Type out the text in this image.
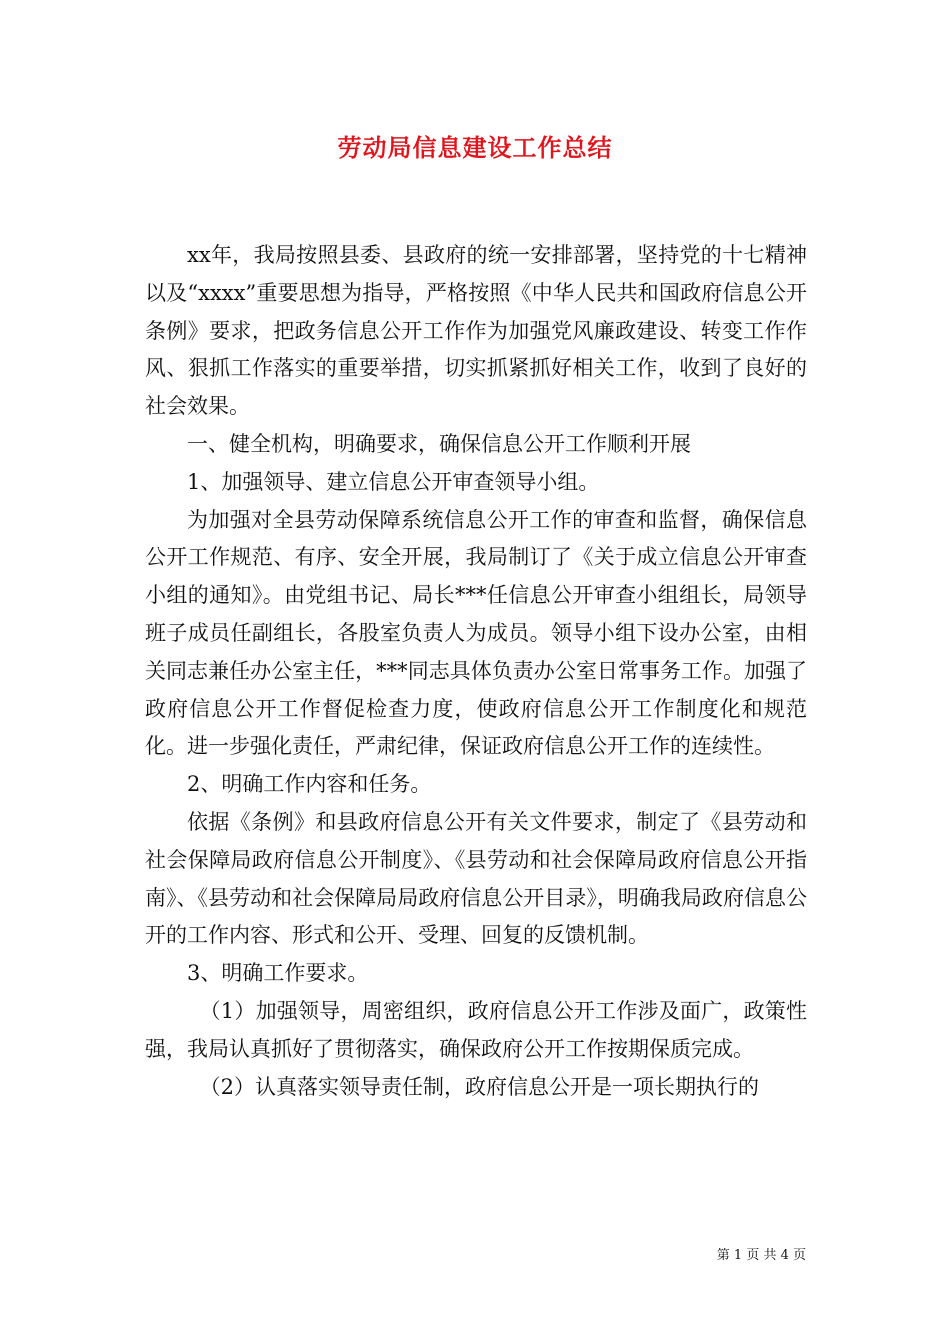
劳动局信息建设工作总结

xx年，我局按照县委、县政府的统一安排部署，坚持党的十七精神以及“xxxx”重要思想为指导，严格按照《中华人民共和国政府信息公开条例》要求，把政务信息公开工作作为加强党风廉政建设、转变工作作风、狠抓工作落实的重要举措，切实抓紧抓好相关工作，收到了良好的社会效果。

一、健全机构，明确要求，确保信息公开工作顺利开展

1、加强领导、建立信息公开审查领导小组。

为加强对全县劳动保障系统信息公开工作的审查和监督，确保信息公开工作规范、有序、安全开展，我局制订了《关于成立信息公开审查小组的通知》。由党组书记、局长***任信息公开审查小组组长，局领导班子成员任副组长，各股室负责人为成员。领导小组下设办公室，由相关同志兼任办公室主任，***同志具体负责办公室日常事务工作。加强了政府信息公开工作督促检查力度，使政府信息公开工作制度化和规范化。进一步强化责任，严肃纪律，保证政府信息公开工作的连续性。

2、明确工作内容和任务。

依据《条例》和县政府信息公开有关文件要求，制定了《县劳动和社会保障局政府信息公开制度》、《县劳动和社会保障局政府信息公开指南》、《县劳动和社会保障局局政府信息公开目录》，明确我局政府信息公开的工作内容、形式和公开、受理、回复的反馈机制。

3、明确工作要求。

（1）加强领导，周密组织，政府信息公开工作涉及面广，政策性强，我局认真抓好了贯彻落实，确保政府公开工作按期保质完成。

（2）认真落实领导责任制，政府信息公开是一项长期执行的

第 1 页 共 4 页
